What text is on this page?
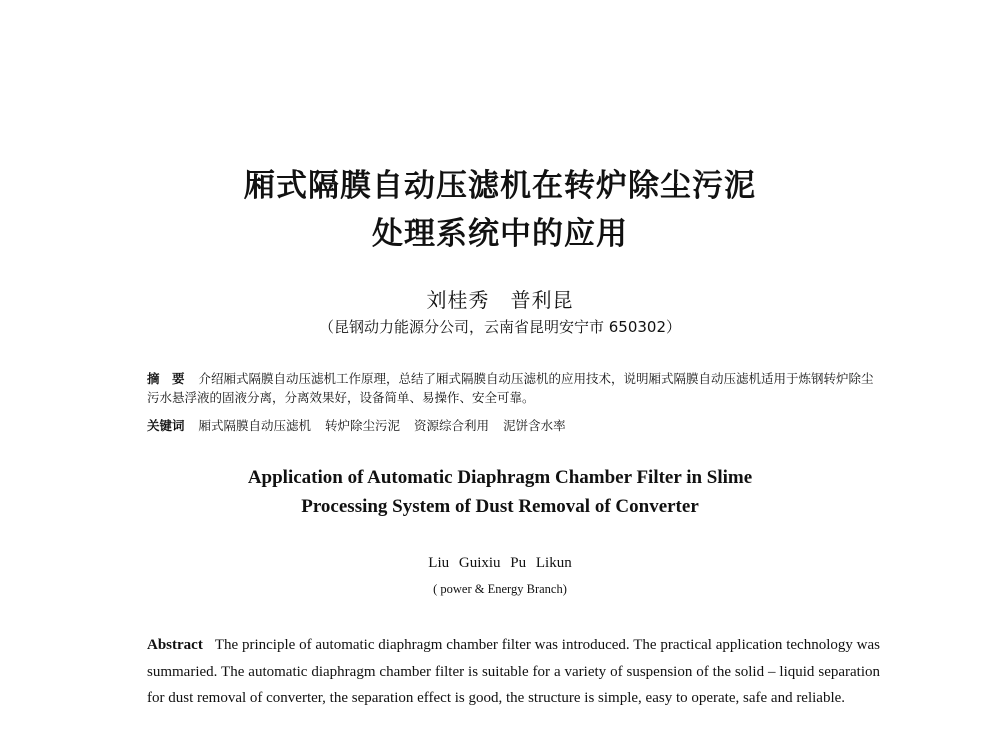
厢式隔膜自动压滤机在转炉除尘污泥
处理系统中的应用
刘桂秀　普利昆
（昆钢动力能源分公司，云南省昆明安宁市 650302）
摘　要 介绍厢式隔膜自动压滤机工作原理，总结了厢式隔膜自动压滤机的应用技术，说明厢式隔膜自动压滤机适用于炼钢转炉除尘污水悬浮液的固液分离，分离效果好，设备简单、易操作、安全可靠。
关键词 厢式隔膜自动压滤机 转炉除尘污泥 资源综合利用 泥饼含水率
Application of Automatic Diaphragm Chamber Filter in Slime
Processing System of Dust Removal of Converter
Liu Guixiu Pu Likun
( power & Energy Branch)
Abstract The principle of automatic diaphragm chamber filter was introduced. The practical application technology was summaried. The automatic diaphragm chamber filter is suitable for a variety of suspension of the solid – liquid separation for dust removal of converter, the separation effect is good, the structure is simple, easy to operate, safe and reliable.
